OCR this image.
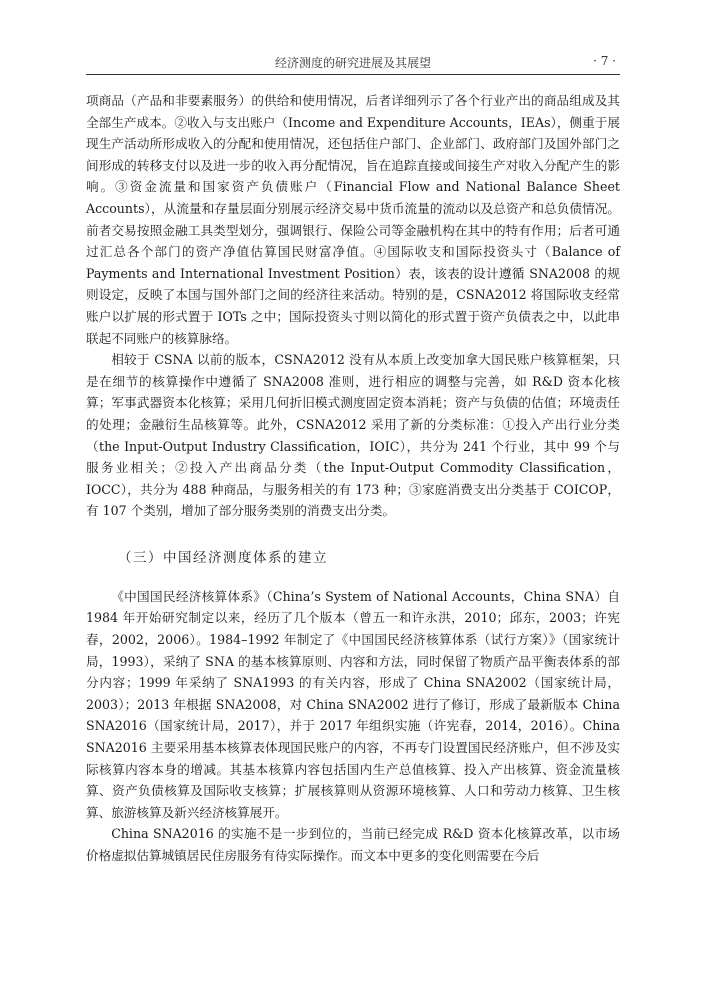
经济测度的研究进展及其展望	· 7 ·

项商品（产品和非要素服务）的供给和使用情况，后者详细列示了各个行业产出的商品组成及其全部生产成本。②收入与支出账户（Income and Expenditure Accounts，IEAs），侧重于展现生产活动所形成收入的分配和使用情况，还包括住户部门、企业部门、政府部门及国外部门之间形成的转移支付以及进一步的收入再分配情况，旨在追踪直接或间接生产对收入分配产生的影响。③资金流量和国家资产负债账户（Financial Flow and National Balance Sheet Accounts），从流量和存量层面分别展示经济交易中货币流量的流动以及总资产和总负债情况。前者交易按照金融工具类型划分，强调银行、保险公司等金融机构在其中的特有作用；后者可通过汇总各个部门的资产净值估算国民财富净值。④国际收支和国际投资头寸（Balance of Payments and International Investment Position）表，该表的设计遵循 SNA2008 的规则设定，反映了本国与国外部门之间的经济往来活动。特别的是，CSNA2012 将国际收支经常账户以扩展的形式置于 IOTs 之中；国际投资头寸则以简化的形式置于资产负债表之中，以此串联起不同账户的核算脉络。

相较于 CSNA 以前的版本，CSNA2012 没有从本质上改变加拿大国民账户核算框架，只是在细节的核算操作中遵循了 SNA2008 准则，进行相应的调整与完善，如 R&D 资本化核算；军事武器资本化核算；采用几何折旧模式测度固定资本消耗；资产与负债的估值；环境责任的处理；金融衍生品核算等。此外，CSNA2012 采用了新的分类标准：①投入产出行业分类（the Input-Output Industry Classification，IOIC），共分为 241 个行业，其中 99 个与服务业相关；②投入产出商品分类（the Input-Output Commodity Classification，IOCC），共分为 488 种商品，与服务相关的有 173 种；③家庭消费支出分类基于 COICOP，有 107 个类别，增加了部分服务类别的消费支出分类。

（三）中国经济测度体系的建立

《中国国民经济核算体系》（China’s System of National Accounts，China SNA）自 1984 年开始研究制定以来，经历了几个版本（曾五一和许永洪，2010；邱东，2003；许宪春，2002，2006）。1984–1992 年制定了《中国国民经济核算体系（试行方案）》（国家统计局，1993），采纳了 SNA 的基本核算原则、内容和方法，同时保留了物质产品平衡表体系的部分内容；1999 年采纳了 SNA1993 的有关内容，形成了 China SNA2002（国家统计局，2003）；2013 年根据 SNA2008，对 China SNA2002 进行了修订，形成了最新版本 China SNA2016（国家统计局，2017），并于 2017 年组织实施（许宪春，2014，2016）。China SNA2016 主要采用基本核算表体现国民账户的内容，不再专门设置国民经济账户，但不涉及实际核算内容本身的增减。其基本核算内容包括国内生产总值核算、投入产出核算、资金流量核算、资产负债核算及国际收支核算；扩展核算则从资源环境核算、人口和劳动力核算、卫生核算、旅游核算及新兴经济核算展开。

China SNA2016 的实施不是一步到位的，当前已经完成 R&D 资本化核算改革，以市场价格虚拟估算城镇居民住房服务有待实际操作。而文本中更多的变化则需要在今后
